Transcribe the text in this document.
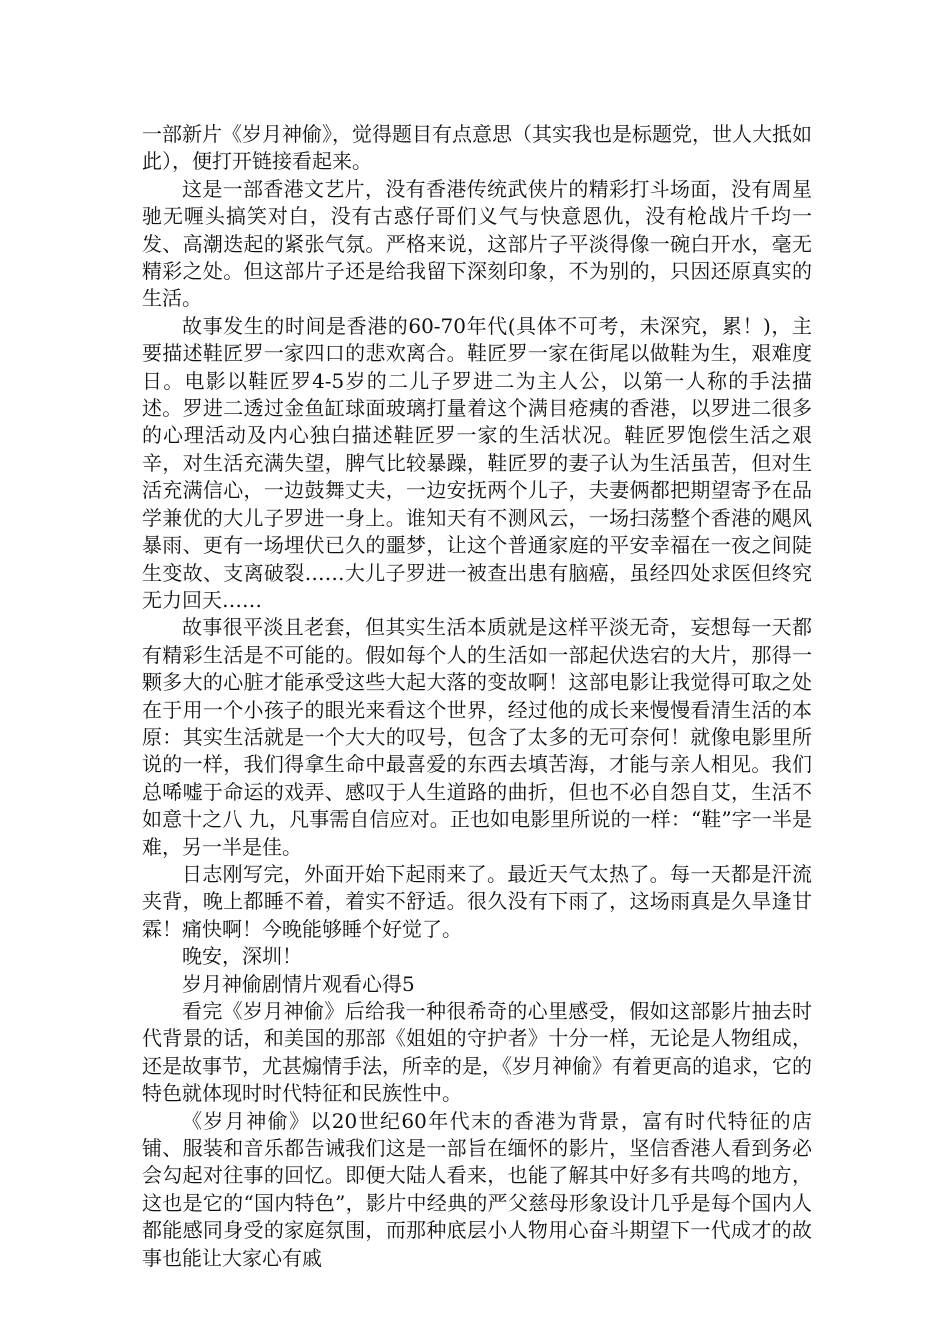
一部新片《岁月神偷》，觉得题目有点意思（其实我也是标题党，世人大抵如此），便打开链接看起来。

这是一部香港文艺片，没有香港传统武侠片的精彩打斗场面，没有周星驰无喱头搞笑对白，没有古惑仔哥们义气与快意恩仇，没有枪战片千均一发、高潮迭起的紧张气氛。严格来说，这部片子平淡得像一碗白开水，毫无精彩之处。但这部片子还是给我留下深刻印象，不为别的，只因还原真实的生活。

故事发生的时间是香港的60-70年代(具体不可考，未深究，累！)，主要描述鞋匠罗一家四口的悲欢离合。鞋匠罗一家在街尾以做鞋为生，艰难度日。电影以鞋匠罗4-5岁的二儿子罗进二为主人公，以第一人称的手法描述。罗进二透过金鱼缸球面玻璃打量着这个满目疮痍的香港，以罗进二很多的心理活动及内心独白描述鞋匠罗一家的生活状况。鞋匠罗饱偿生活之艰辛，对生活充满失望，脾气比较暴躁，鞋匠罗的妻子认为生活虽苦，但对生活充满信心，一边鼓舞丈夫，一边安抚两个儿子，夫妻俩都把期望寄予在品学兼优的大儿子罗进一身上。谁知天有不测风云，一场扫荡整个香港的飓风暴雨、更有一场埋伏已久的噩梦，让这个普通家庭的平安幸福在一夜之间陡生变故、支离破裂……大儿子罗进一被查出患有脑癌，虽经四处求医但终究无力回天……

故事很平淡且老套，但其实生活本质就是这样平淡无奇，妄想每一天都有精彩生活是不可能的。假如每个人的生活如一部起伏迭宕的大片，那得一颗多大的心脏才能承受这些大起大落的变故啊！这部电影让我觉得可取之处在于用一个小孩子的眼光来看这个世界，经过他的成长来慢慢看清生活的本原：其实生活就是一个大大的叹号，包含了太多的无可奈何！就像电影里所说的一样，我们得拿生命中最喜爱的东西去填苦海，才能与亲人相见。我们总唏嘘于命运的戏弄、感叹于人生道路的曲折，但也不必自怨自艾，生活不如意十之八 九，凡事需自信应对。正也如电影里所说的一样：“鞋”字一半是难，另一半是佳。

日志刚写完，外面开始下起雨来了。最近天气太热了。每一天都是汗流夹背，晚上都睡不着，着实不舒适。很久没有下雨了，这场雨真是久旱逢甘霖！痛快啊！今晚能够睡个好觉了。

晚安，深圳！

岁月神偷剧情片观看心得5

看完《岁月神偷》后给我一种很希奇的心里感受，假如这部影片抽去时代背景的话，和美国的那部《姐姐的守护者》十分一样，无论是人物组成，还是故事节，尤甚煽情手法，所幸的是，《岁月神偷》有着更高的追求，它的特色就体现时时代特征和民族性中。

《岁月神偷》以20世纪60年代末的香港为背景，富有时代特征的店铺、服装和音乐都告诫我们这是一部旨在缅怀的影片，坚信香港人看到务必会勾起对往事的回忆。即便大陆人看来，也能了解其中好多有共鸣的地方，这也是它的“国内特色”，影片中经典的严父慈母形象设计几乎是每个国内人都能感同身受的家庭氛围，而那种底层小人物用心奋斗期望下一代成才的故事也能让大家心有戚
